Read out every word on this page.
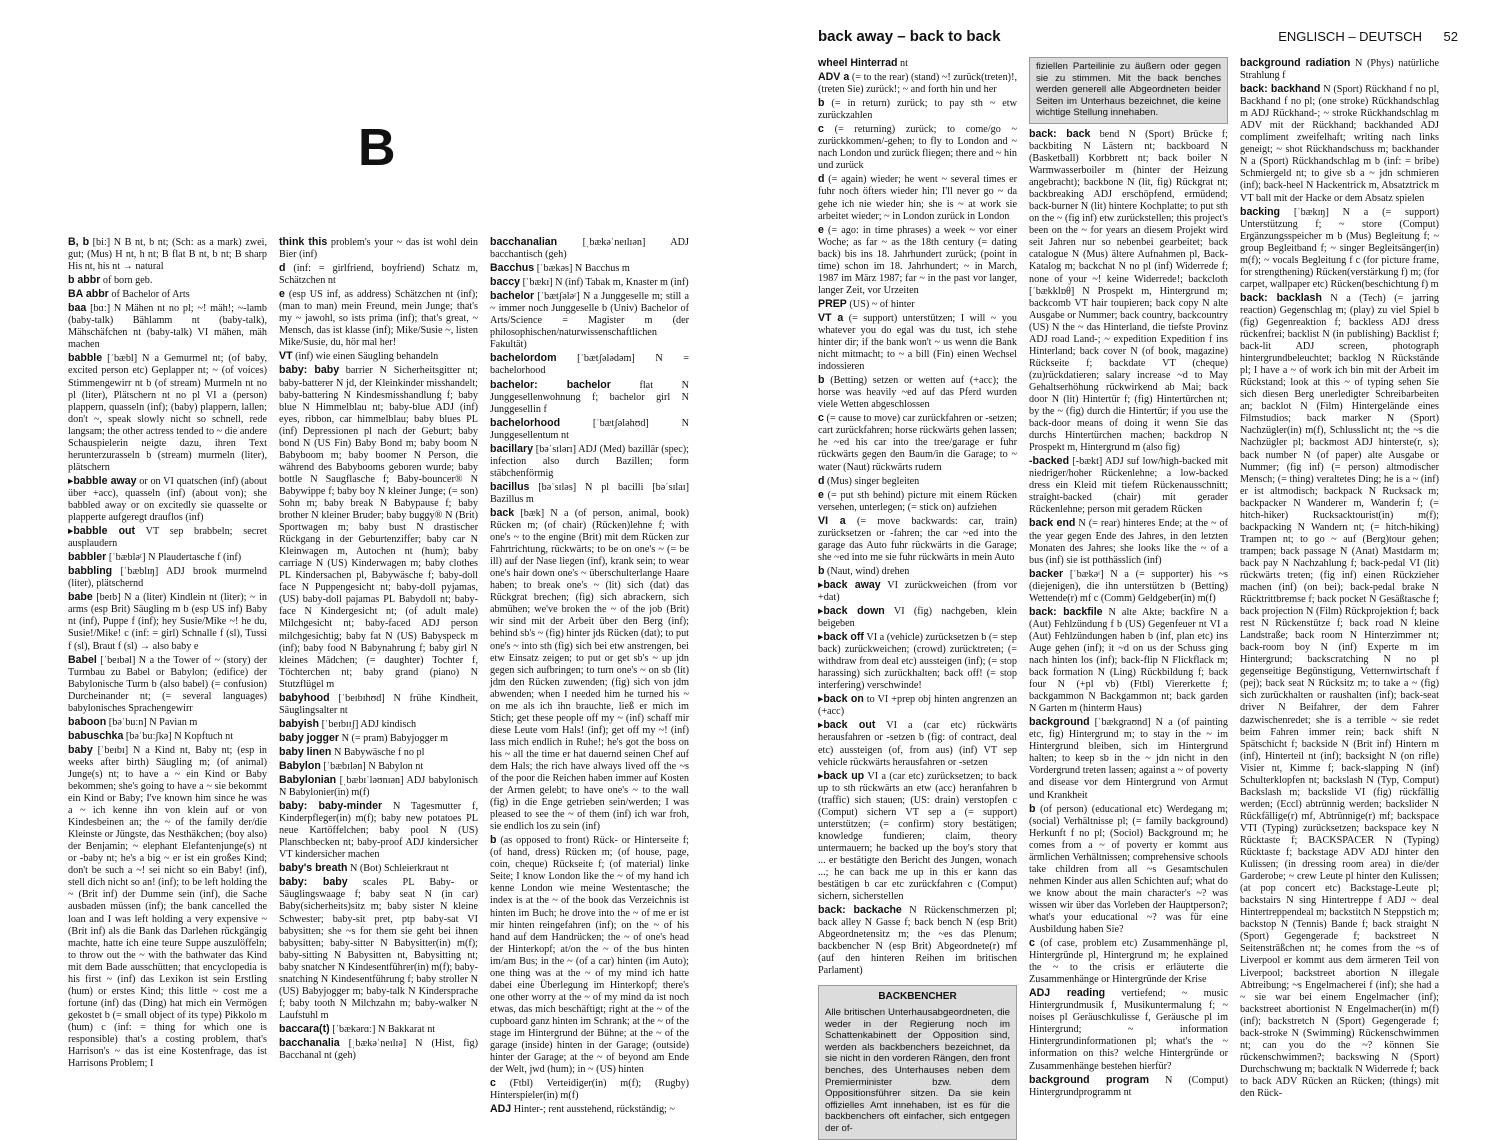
B

B, b [biː] N B nt, b nt; (Sch: as a mark) zwei, gut; (Mus) H nt, h nt; B flat B nt, b nt; B sharp His nt, his nt → natural

b abbr of born geb.

BA abbr of Bachelor of Arts

baa [bɑː] N Mähen nt no pl; ~! mäh!; ~-lamb (baby-talk) Bählamm nt (baby-talk), Mähschäfchen nt (baby-talk) VI mähen, mäh machen

babble [ˈbæbl] N a Gemurmel nt; (of baby, excited person etc) Geplapper nt; ~ (of voices) Stimmengewirr nt b (of stream) Murmeln nt no pl (liter), Plätschern nt no pl VI a (person) plappern, quasseln (inf); (baby) plappern, lallen; don't ~, speak slowly nicht so schnell, rede langsam; the other actress tended to ~ die andere Schauspielerin neigte dazu, ihren Text herunterzurasseln b (stream) murmeln (liter), plätschern

▸babble away or on VI quatschen (inf) (about über +acc), quasseln (inf) (about von); she babbled away or on excitedly sie quasselte or plapperte aufgeregt drauflos (inf)

▸babble out VT sep brabbeln; secret ausplaudern

babbler [ˈbæblǝʳ] N Plaudertasche f (inf)

babbling [ˈbæblɪŋ] ADJ brook murmelnd (liter), plätschernd

babe [beɪb] N a (liter) Kindlein nt (liter); ~ in arms (esp Brit) Säugling m b (esp US inf) Baby nt (inf), Puppe f (inf); hey Susie/Mike ~! he du, Susie!/Mike! c (inf: = girl) Schnalle f (sl), Tussi f (sl), Braut f (sl) → also baby e

Babel [ˈbeɪbǝl] N a the Tower of ~ (story) der Turmbau zu Babel or Babylon; (edifice) der Babylonische Turm b (also babel) (= confusion) Durcheinander nt; (= several languages) babylonisches Sprachengewirr

baboon [bǝˈbuːn] N Pavian m

babuschka [bǝˈbuːʃkǝ] N Kopftuch nt

baby [ˈbeɪbɪ] N a Kind nt, Baby nt; (esp in weeks after birth) Säugling m; (of animal) Junge(s) nt; to have a ~ ein Kind or Baby bekommen; she's going to have a ~ sie bekommt ein Kind or Baby; I've known him since he was a ~ ich kenne ihn von klein auf or von Kindesbeinen an; the ~ of the family der/die Kleinste or Jüngste, das Nesthäkchen; (boy also) der Benjamin; ~ elephant Elefantenjunge(s) nt or -baby nt; he's a big ~ er ist ein großes Kind; don't be such a ~! sei nicht so ein Baby! (inf), stell dich nicht so an! (inf); to be left holding the ~ (Brit inf) der Dumme sein (inf), die Sache ausbaden müssen (inf); the bank cancelled the loan and I was left holding a very expensive ~ (Brit inf) als die Bank das Darlehen rückgängig machte, hatte ich eine teure Suppe auszulöffeln; to throw out the ~ with the bathwater das Kind mit dem Bade ausschütten; that encyclopedia is his first ~ (inf) das Lexikon ist sein Erstling (hum) or erstes Kind; this little ~ cost me a fortune (inf) das (Ding) hat mich ein Vermögen gekostet b (= small object of its type) Pikkolo m (hum) c (inf: = thing for which one is responsible) that's a costing problem, that's Harrison's ~ das ist eine Kostenfrage, das ist Harrisons Problem; I

think this problem's your ~ das ist wohl dein Bier (inf)

d (inf: = girlfriend, boyfriend) Schatz m, Schätzchen nt

e (esp US inf, as address) Schätzchen nt (inf); (man to man) mein Freund, mein Junge; that's my ~ jawohl, so ists prima (inf); that's great, ~ Mensch, das ist klasse (inf); Mike/Susie ~, listen Mike/Susie, du, hör mal her!

VT (inf) wie einen Säugling behandeln

baby: baby barrier N Sicherheitsgitter nt; baby-batterer N jd, der Kleinkinder misshandelt; baby-battering N Kindesmisshandlung f; baby blue N Himmelblau nt; baby-blue ADJ (inf) eyes, ribbon, car himmelblau; baby blues PL (inf) Depressionen pl nach der Geburt; baby bond N (US Fin) Baby Bond m; baby boom N Babyboom m; baby boomer N Person, die während des Babybooms geboren wurde; baby bottle N Saugflasche f; Baby-bouncer® N Babywippe f; baby boy N kleiner Junge; (= son) Sohn m; baby break N Babypause f; baby brother N kleiner Bruder; baby buggy® N (Brit) Sportwagen m; baby bust N drastischer Rückgang in der Geburtenziffer; baby car N Kleinwagen m, Autochen nt (hum); baby carriage N (US) Kinderwagen m; baby clothes PL Kindersachen pl, Babywäsche f; baby-doll face N Puppengesicht nt; baby-doll pyjamas, (US) baby-doll pajamas PL Babydoll nt; baby-face N Kindergesicht nt; (of adult male) Milchgesicht nt; baby-faced ADJ person milchgesichtig; baby fat N (US) Babyspeck m (inf); baby food N Babynahrung f; baby girl N kleines Mädchen; (= daughter) Tochter f, Töchterchen nt; baby grand (piano) N Stutzflügel m

babyhood [ˈbeɪbɪhʊd] N frühe Kindheit, Säuglingsalter nt

babyish [ˈbeɪbɪɪʃ] ADJ kindisch

baby jogger N (= pram) Babyjogger m

baby linen N Babywäsche f no pl

Babylon [ˈbæbɪlǝn] N Babylon nt

Babylonian [ˌbæbɪˈlǝʊnɪǝn] ADJ babylonisch N Babylonier(in) m(f)

baby: baby-minder N Tagesmutter f, Kinderpfleger(in) m(f); baby new potatoes PL neue Kartöffelchen; baby pool N (US) Planschbecken nt; baby-proof ADJ kindersicher VT kindersicher machen

baby's breath N (Bot) Schleierkraut nt

baby: baby scales PL Baby- or Säuglingswaage f; baby seat N (in car) Baby(sicherheits)sitz m; baby sister N kleine Schwester; baby-sit pret, ptp baby-sat VI babysitten; she ~s for them sie geht bei ihnen babysitten; baby-sitter N Babysitter(in) m(f); baby-sitting N Babysitten nt, Babysitting nt; baby snatcher N Kindesentführer(in) m(f); baby-snatching N Kindesentführung f; baby stroller N (US) Babyjogger m; baby-talk N Kindersprache f; baby tooth N Milchzahn m; baby-walker N Laufstuhl m

baccara(t) [ˈbækǝrɑː] N Bakkarat nt

bacchanalia [ˌbækǝˈneɪlɪǝ] N (Hist, fig) Bacchanal nt (geh)

bacchanalian [ˌbækǝˈneɪlɪǝn] ADJ bacchantisch (geh)

Bacchus [ˈbækǝs] N Bacchus m

baccy [ˈbækɪ] N (inf) Tabak m, Knaster m (inf)

bachelor [ˈbætʃǝlǝʳ] N a Junggeselle m; still a ~ immer noch Junggeselle b (Univ) Bachelor of Arts/Science = Magister m (der philosophischen/naturwissenschaftlichen Fakultät)

bachelordom [ˈbætʃǝlǝdǝm] N = bachelorhood

bachelor: bachelor flat N Junggesellenwohnung f; bachelor girl N Junggesellin f

bachelorhood [ˈbætʃǝlǝhʊd] N Junggesellentum nt

bacillary [bǝˈsɪlǝrɪ] ADJ (Med) bazillär (spec); infection also durch Bazillen; form stäbchenförmig

bacillus [bǝˈsɪlǝs] N pl bacilli [bǝˈsɪlaɪ] Bazillus m

back [bæk] N a (of person, animal, book) Rücken m; (of chair) (Rücken)lehne f; with one's ~ to the engine (Brit) mit dem Rücken zur Fahrtrichtung, rückwärts; to be on one's ~ (= be ill) auf der Nase liegen (inf), krank sein; to wear one's hair down one's ~ überschulterlange Haare haben; to break one's ~ (lit) sich (dat) das Rückgrat brechen; (fig) sich abrackern, sich abmühen; we've broken the ~ of the job (Brit) wir sind mit der Arbeit über den Berg (inf); behind sb's ~ (fig) hinter jds Rücken (dat); to put one's ~ into sth (fig) sich bei etw anstrengen, bei etw Einsatz zeigen; to put or get sb's ~ up jdn gegen sich aufbringen; to turn one's ~ on sb (lit) jdm den Rücken zuwenden; (fig) sich von jdm abwenden; when I needed him he turned his ~ on me als ich ihn brauchte, ließ er mich im Stich; get these people off my ~ (inf) schaff mir diese Leute vom Hals! (inf); get off my ~! (inf) lass mich endlich in Ruhe!; he's got the boss on his ~ all the time er hat dauernd seinen Chef auf dem Hals; the rich have always lived off the ~s of the poor die Reichen haben immer auf Kosten der Armen gelebt; to have one's ~ to the wall (fig) in die Enge getrieben sein/werden; I was pleased to see the ~ of them (inf) ich war froh, sie endlich los zu sein (inf)

b (as opposed to front) Rück- or Hinterseite f; (of hand, dress) Rücken m; (of house, page, coin, cheque) Rückseite f; (of material) linke Seite; I know London like the ~ of my hand ich kenne London wie meine Westentasche; the index is at the ~ of the book das Verzeichnis ist hinten im Buch; he drove into the ~ of me er ist mir hinten reingefahren (inf); on the ~ of his hand auf dem Handrücken; the ~ of one's head der Hinterkopf; at/on the ~ of the bus hinten im/am Bus; in the ~ (of a car) hinten (im Auto); one thing was at the ~ of my mind ich hatte dabei eine Überlegung im Hinterkopf; there's one other worry at the ~ of my mind da ist noch etwas, das mich beschäftigt; right at the ~ of the cupboard ganz hinten im Schrank; at the ~ of the stage im Hintergrund der Bühne; at the ~ of the garage (inside) hinten in der Garage; (outside) hinter der Garage; at the ~ of beyond am Ende der Welt, jwd (hum); in ~ (US) hinten

c (Ftbl) Verteidiger(in) m(f); (Rugby) Hinterspieler(in) m(f)

ADJ Hinter-; rent ausstehend, rückständig; ~

back away – back to back	ENGLISCH – DEUTSCH 52

wheel Hinterrad nt

ADV a (= to the rear) (stand) ~! zurück(treten)!, (treten Sie) zurück!; ~ and forth hin und her

b (= in return) zurück; to pay sth ~ etw zurückzahlen

c (= returning) zurück; to come/go ~ zurückkommen/-gehen; to fly to London and ~ nach London und zurück fliegen; there and ~ hin und zurück

d (= again) wieder; he went ~ several times er fuhr noch öfters wieder hin; I'll never go ~ da gehe ich nie wieder hin; she is ~ at work sie arbeitet wieder; ~ in London zurück in London

e (= ago: in time phrases) a week ~ vor einer Woche; as far ~ as the 18th century (= dating back) bis ins 18. Jahrhundert zurück; (point in time) schon im 18. Jahrhundert; ~ in March, 1987 im März 1987; far ~ in the past vor langer, langer Zeit, vor Urzeiten

PREP (US) ~ of hinter

VT a (= support) unterstützen; I will ~ you whatever you do egal was du tust, ich stehe hinter dir; if the bank won't ~ us wenn die Bank nicht mitmacht; to ~ a bill (Fin) einen Wechsel indossieren

b (Betting) setzen or wetten auf (+acc); the horse was heavily ~ed auf das Pferd wurden viele Wetten abgeschlossen

c (= cause to move) car zurückfahren or -setzen; cart zurückfahren; horse rückwärts gehen lassen; he ~ed his car into the tree/garage er fuhr rückwärts gegen den Baum/in die Garage; to ~ water (Naut) rückwärts rudern

d (Mus) singer begleiten

e (= put sth behind) picture mit einem Rücken versehen, unterlegen; (= stick on) aufziehen

VI a (= move backwards: car, train) zurücksetzen or -fahren; the car ~ed into the garage das Auto fuhr rückwärts in die Garage; she ~ed into me sie fuhr rückwärts in mein Auto

b (Naut, wind) drehen

▸back away VI zurückweichen (from vor +dat)

▸back down VI (fig) nachgeben, klein beigeben

▸back off VI a (vehicle) zurücksetzen b (= step back) zurückweichen; (crowd) zurücktreten; (= withdraw from deal etc) aussteigen (inf); (= stop harassing) sich zurückhalten; back off! (= stop interfering) verschwinde!

▸back on to VI +prep obj hinten angrenzen an (+acc)

▸back out VI a (car etc) rückwärts herausfahren or -setzen b (fig: of contract, deal etc) aussteigen (of, from aus) (inf) VT sep vehicle rückwärts herausfahren or -setzen

▸back up VI a (car etc) zurücksetzen; to back up to sth rückwärts an etw (acc) heranfahren b (traffic) sich stauen; (US: drain) verstopfen c (Comput) sichern VT sep a (= support) unterstützen; (= confirm) story bestätigen; knowledge fundieren; claim, theory untermauern; he backed up the boy's story that ... er bestätigte den Bericht des Jungen, wonach ...; he can back me up in this er kann das bestätigen b car etc zurückfahren c (Comput) sichern, sicherstellen

back: backache N Rückenschmerzen pl; back alley N Gasse f; back bench N (esp Brit) Abgeordnetensitz m; the ~es das Plenum; backbencher N (esp Brit) Abgeordnete(r) mf (auf den hinteren Reihen im britischen Parlament)

BACKBENCHER
Alle britischen Unterhausabgeordneten, die weder in der Regierung noch im Schattenkabinett der Opposition sind, werden als backbenchers bezeichnet, da sie nicht in den vorderen Rängen, den front benches, des Unterhauses neben dem Premierminister bzw. dem Oppositionsführer sitzen. Da sie kein offizielles Amt innehaben, ist es für die backbenchers oft einfacher, sich entgegen der of-
fiziellen Parteilinie zu äußern oder gegen sie zu stimmen. Mit the back benches werden generell alle Abgeordneten beider Seiten im Unterhaus bezeichnet, die keine wichtige Stellung innehaben.

back: back bend N (Sport) Brücke f; backbiting N Lästern nt; backboard N (Basketball) Korbbrett nt; back boiler N Warmwasserboiler m (hinter der Heizung angebracht); backbone N (lit, fig) Rückgrat nt; backbreaking ADJ erschöpfend, ermüdend; back-burner N (lit) hintere Kochplatte; to put sth on the ~ (fig inf) etw zurückstellen; this project's been on the ~ for years an diesem Projekt wird seit Jahren nur so nebenbei gearbeitet; back catalogue N (Mus) ältere Aufnahmen pl, Back-Katalog m; backchat N no pl (inf) Widerrede f; none of your ~! keine Widerrede!; backcloth [ˈbækklɒθ] N Prospekt m, Hintergrund m; backcomb VT hair toupieren; back copy N alte Ausgabe or Nummer; back country, backcountry (US) N the ~ das Hinterland, die tiefste Provinz ADJ road Land-; ~ expedition Expedition f ins Hinterland; back cover N (of book, magazine) Rückseite f; backdate VT (cheque) (zu)rückdatieren; salary increase ~d to May Gehaltserhöhung rückwirkend ab Mai; back door N (lit) Hintertür f; (fig) Hintertürchen nt; by the ~ (fig) durch die Hintertür; if you use the back-door means of doing it wenn Sie das durchs Hintertürchen machen; backdrop N Prospekt m, Hintergrund m (also fig)

-backed [-bækt] ADJ suf low/high-backed mit niedriger/hoher Rückenlehne; a low-backed dress ein Kleid mit tiefem Rückenausschnitt; straight-backed (chair) mit gerader Rückenlehne; person mit geradem Rücken

back end N (= rear) hinteres Ende; at the ~ of the year gegen Ende des Jahres, in den letzten Monaten des Jahres; she looks like the ~ of a bus (inf) sie ist potthässlich (inf)

backer [ˈbækǝʳ] N a (= supporter) his ~s (diejenigen), die ihn unterstützen b (Betting) Wettende(r) mf c (Comm) Geldgeber(in) m(f)

back: backfile N alte Akte; backfire N a (Aut) Fehlzündung f b (US) Gegenfeuer nt VI a (Aut) Fehlzündungen haben b (inf, plan etc) ins Auge gehen (inf); it ~d on us der Schuss ging nach hinten los (inf); back-flip N Flickflack m; back formation N (Ling) Rückbildung f; back four N (+pl vb) (Ftbl) Viererkette f; backgammon N Backgammon nt; back garden N Garten m (hinterm Haus)

background [ˈbækgraʊnd] N a (of painting etc, fig) Hintergrund m; to stay in the ~ im Hintergrund bleiben, sich im Hintergrund halten; to keep sb in the ~ jdn nicht in den Vordergrund treten lassen; against a ~ of poverty and disease vor dem Hintergrund von Armut und Krankheit

b (of person) (educational etc) Werdegang m; (social) Verhältnisse pl; (= family background) Herkunft f no pl; (Sociol) Background m; he comes from a ~ of poverty er kommt aus ärmlichen Verhältnissen; comprehensive schools take children from all ~s Gesamtschulen nehmen Kinder aus allen Schichten auf; what do we know about the main character's ~? was wissen wir über das Vorleben der Hauptperson?; what's your educational ~? was für eine Ausbildung haben Sie?

c (of case, problem etc) Zusammenhänge pl, Hintergründe pl, Hintergrund m; he explained the ~ to the crisis er erläuterte die Zusammenhänge or Hintergründe der Krise

ADJ reading vertiefend; ~ music Hintergrundmusik f, Musikuntermalung f; ~ noises pl Geräuschkulisse f, Geräusche pl im Hintergrund; ~ information Hintergrundinformationen pl; what's the ~ information on this? welche Hintergründe or Zusammenhänge bestehen hierfür?

background program N (Comput) Hintergrundprogramm nt

background radiation N (Phys) natürliche Strahlung f

back: backhand N (Sport) Rückhand f no pl, Backhand f no pl; (one stroke) Rückhandschlag m ADJ Rückhand-; ~ stroke Rückhandschlag m ADV mit der Rückhand; backhanded ADJ compliment zweifelhaft; writing nach links geneigt; ~ shot Rückhandschuss m; backhander N a (Sport) Rückhandschlag m b (inf: = bribe) Schmiergeld nt; to give sb a ~ jdn schmieren (inf); back-heel N Hackentrick m, Absatztrick m VT ball mit der Hacke or dem Absatz spielen

backing [ˈbækɪŋ] N a (= support) Unterstützung f; ~ store (Comput) Ergänzungsspeicher m b (Mus) Begleitung f; ~ group Begleitband f; ~ singer Begleitsänger(in) m(f); ~ vocals Begleitung f c (for picture frame, for strengthening) Rücken(verstärkung f) m; (for carpet, wallpaper etc) Rücken(beschichtung f) m

back: backlash N a (Tech) (= jarring reaction) Gegenschlag m; (play) zu viel Spiel b (fig) Gegenreaktion f; backless ADJ dress rückenfrei; backlist N (in publishing) Backlist f; back-lit ADJ screen, photograph hintergrundbeleuchtet; backlog N Rückstände pl; I have a ~ of work ich bin mit der Arbeit im Rückstand; look at this ~ of typing sehen Sie sich diesen Berg unerledigter Schreibarbeiten an; backlot N (Film) Hintergelände eines Filmstudios; back marker N (Sport) Nachzügler(in) m(f), Schlusslicht nt; the ~s die Nachzügler pl; backmost ADJ hinterste(r, s); back number N (of paper) alte Ausgabe or Nummer; (fig inf) (= person) altmodischer Mensch; (= thing) veraltetes Ding; he is a ~ (inf) er ist altmodisch; backpack N Rucksack m; backpacker N Wanderer m, Wanderin f; (= hitch-hiker) Rucksacktourist(in) m(f); backpacking N Wandern nt; (= hitch-hiking) Trampen nt; to go ~ auf (Berg)tour gehen; trampen; back passage N (Anat) Mastdarm m; back pay N Nachzahlung f; back-pedal VI (lit) rückwärts treten; (fig inf) einen Rückzieher machen (inf) (on bei); back-pedal brake N Rücktrittbremse f; back pocket N Gesäßtasche f; back projection N (Film) Rückprojektion f; back rest N Rückenstütze f; back road N kleine Landstraße; back room N Hinterzimmer nt; back-room boy N (inf) Experte m im Hintergrund; backscratching N no pl gegenseitige Begünstigung, Vetternwirtschaft f (pej); back seat N Rücksitz m; to take a ~ (fig) sich zurückhalten or raushalten (inf); back-seat driver N Beifahrer, der dem Fahrer dazwischenredet; she is a terrible ~ sie redet beim Fahren immer rein; back shift N Spätschicht f; backside N (Brit inf) Hintern m (inf), Hinterteil nt (inf); backsight N (on rifle) Visier nt, Kimme f; back-slapping N (inf) Schulterklopfen nt; backslash N (Typ, Comput) Backslash m; backslide VI (fig) rückfällig werden; (Eccl) abtrünnig werden; backslider N Rückfällige(r) mf, Abtrünnige(r) mf; backspace VTI (Typing) zurücksetzen; backspace key N Rücktaste f; BACKSPACER N (Typing) Rücktaste f; backstage ADV ADJ hinter den Kulissen; (in dressing room area) in die/der Garderobe; ~ crew Leute pl hinter den Kulissen; (at pop concert etc) Backstage-Leute pl; backstairs N sing Hintertreppe f ADJ ~ deal Hintertreppendeal m; backstitch N Steppstich m; backstop N (Tennis) Bande f; back straight N (Sport) Gegengerade f; backstreet N Seitensträßchen nt; he comes from the ~s of Liverpool er kommt aus dem ärmeren Teil von Liverpool; backstreet abortion N illegale Abtreibung; ~s Engelmacherei f (inf); she had a ~ sie war bei einem Engelmacher (inf); backstreet abortionist N Engelmacher(in) m(f) (inf); backstretch N (Sport) Gegengerade f; back-stroke N (Swimming) Rückenschwimmen nt; can you do the ~? können Sie rückenschwimmen?; backswing N (Sport) Durchschwung m; backtalk N Widerrede f; back to back ADV Rücken an Rücken; (things) mit den Rück-
